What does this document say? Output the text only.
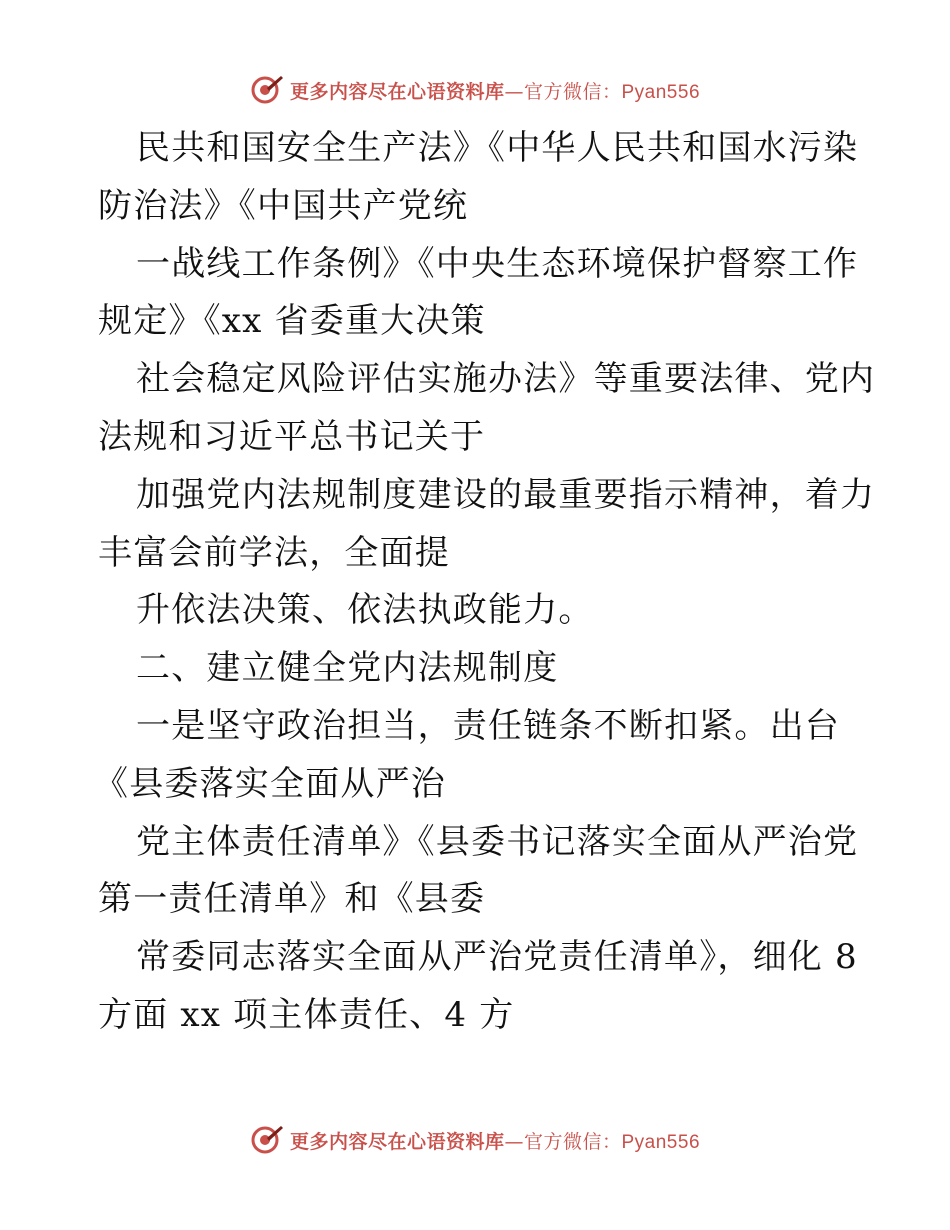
更多内容尽在心语资料库—官方微信：Pyan556
民共和国安全生产法》《中华人民共和国水污染
防治法》《中国共产党统
一战线工作条例》《中央生态环境保护督察工作
规定》《xx 省委重大决策
社会稳定风险评估实施办法》等重要法律、党内
法规和习近平总书记关于
加强党内法规制度建设的最重要指示精神，着力
丰富会前学法，全面提
升依法决策、依法执政能力。
二、建立健全党内法规制度
一是坚守政治担当，责任链条不断扣紧。出台
《县委落实全面从严治
党主体责任清单》《县委书记落实全面从严治党
第一责任清单》和《县委
常委同志落实全面从严治党责任清单》，细化 8
方面 xx 项主体责任、4 方
更多内容尽在心语资料库—官方微信：Pyan556
